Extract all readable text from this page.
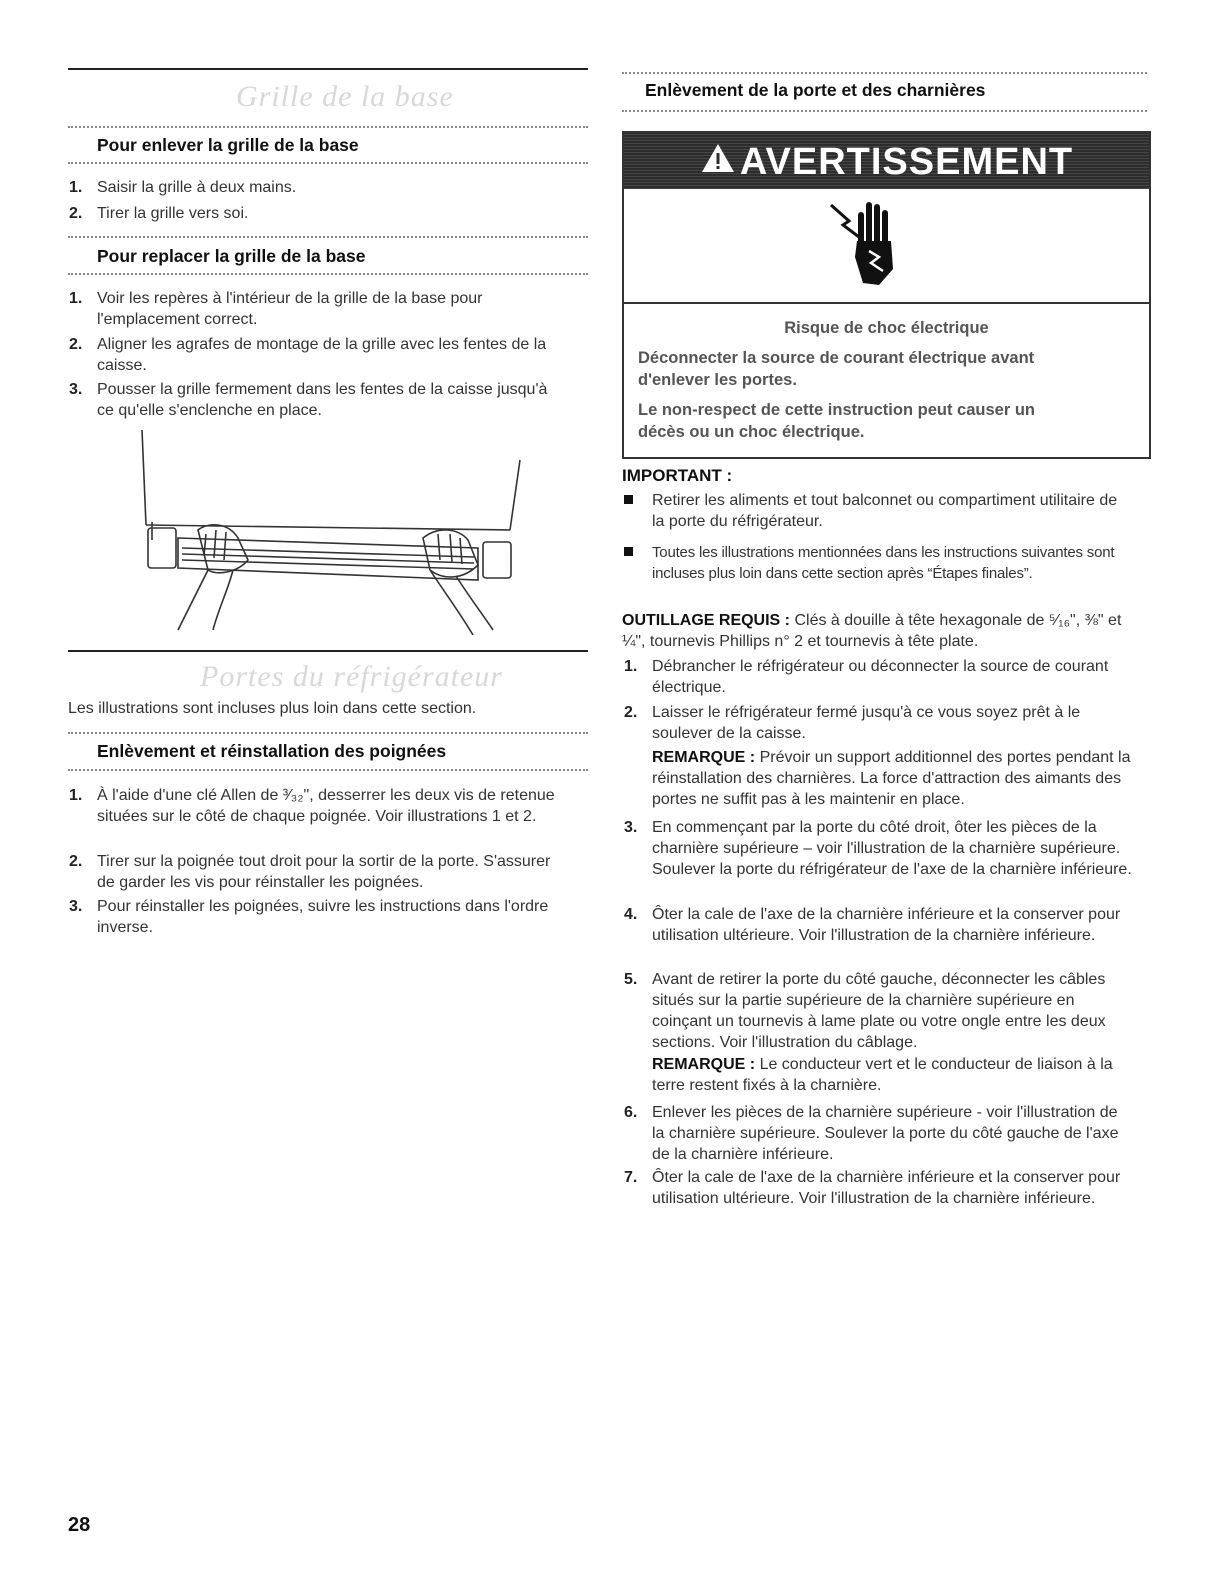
Grille de la base
Pour enlever la grille de la base
1. Saisir la grille à deux mains.
2. Tirer la grille vers soi.
Pour replacer la grille de la base
1. Voir les repères à l'intérieur de la grille de la base pour l'emplacement correct.
2. Aligner les agrafes de montage de la grille avec les fentes de la caisse.
3. Pousser la grille fermement dans les fentes de la caisse jusqu'à ce qu'elle s'enclenche en place.
Portes du réfrigérateur
Les illustrations sont incluses plus loin dans cette section.
Enlèvement et réinstallation des poignées
1. À l'aide d'une clé Allen de ³⁄₃₂", desserrer les deux vis de retenue situées sur le côté de chaque poignée. Voir illustrations 1 et 2.
2. Tirer sur la poignée tout droit pour la sortir de la porte. S'assurer de garder les vis pour réinstaller les poignées.
3. Pour réinstaller les poignées, suivre les instructions dans l'ordre inverse.
Enlèvement de la porte et des charnières
AVERTISSEMENT
Risque de choc électrique
Déconnecter la source de courant électrique avant d'enlever les portes.
Le non-respect de cette instruction peut causer un décès ou un choc électrique.
IMPORTANT :
Retirer les aliments et tout balconnet ou compartiment utilitaire de la porte du réfrigérateur.
Toutes les illustrations mentionnées dans les instructions suivantes sont incluses plus loin dans cette section après “Étapes finales”.
OUTILLAGE REQUIS : Clés à douille à tête hexagonale de ⁵⁄₁₆", ⅜" et ¼", tournevis Phillips n° 2 et tournevis à tête plate.
1. Débrancher le réfrigérateur ou déconnecter la source de courant électrique.
2. Laisser le réfrigérateur fermé jusqu'à ce vous soyez prêt à le soulever de la caisse.
REMARQUE : Prévoir un support additionnel des portes pendant la réinstallation des charnières. La force d'attraction des aimants des portes ne suffit pas à les maintenir en place.
3. En commençant par la porte du côté droit, ôter les pièces de la charnière supérieure – voir l'illustration de la charnière supérieure. Soulever la porte du réfrigérateur de l'axe de la charnière inférieure.
4. Ôter la cale de l'axe de la charnière inférieure et la conserver pour utilisation ultérieure. Voir l'illustration de la charnière inférieure.
5. Avant de retirer la porte du côté gauche, déconnecter les câbles situés sur la partie supérieure de la charnière supérieure en coinçant un tournevis à lame plate ou votre ongle entre les deux sections. Voir l'illustration du câblage.
REMARQUE : Le conducteur vert et le conducteur de liaison à la terre restent fixés à la charnière.
6. Enlever les pièces de la charnière supérieure - voir l'illustration de la charnière supérieure. Soulever la porte du côté gauche de l'axe de la charnière inférieure.
7. Ôter la cale de l'axe de la charnière inférieure et la conserver pour utilisation ultérieure. Voir l'illustration de la charnière inférieure.
28
